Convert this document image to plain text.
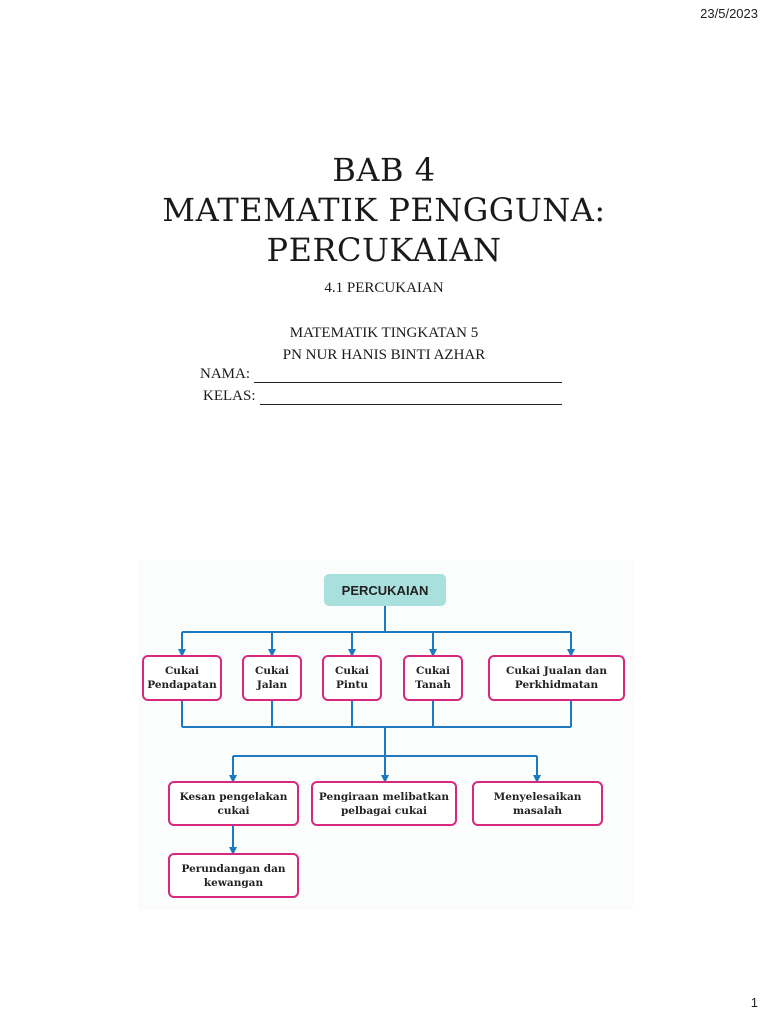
23/5/2023
BAB 4
MATEMATIK PENGGUNA:
PERCUKAIAN
4.1 PERCUKAIAN
MATEMATIK TINGKATAN 5
PN NUR HANIS BINTI AZHAR
NAMA:
KELAS:
PERCUKAIAN
Cukai
Pendapatan
Cukai
Jalan
Cukai
Pintu
Cukai
Tanah
Cukai Jualan dan
Perkhidmatan
Kesan pengelakan
cukai
Pengiraan melibatkan
pelbagai cukai
Menyelesaikan
masalah
Perundangan dan
kewangan
1
